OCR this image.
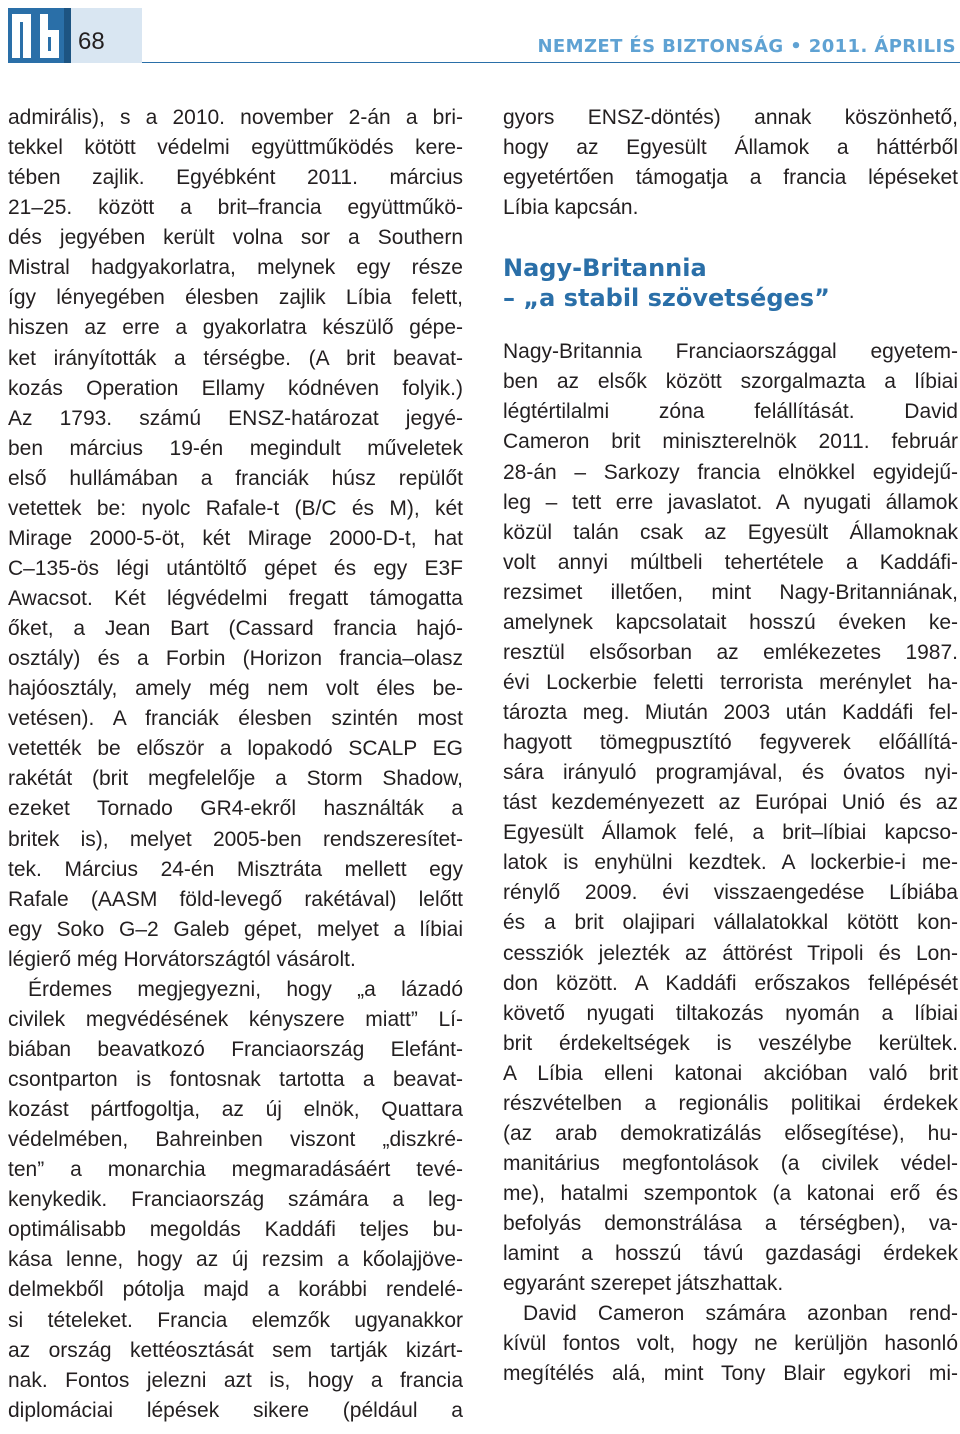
68	NEMZET ÉS BIZTONSÁG • 2011. ÁPRILIS
admirális), s a 2010. november 2-án a bri-
tekkel kötött védelmi együttműködés kere-
tében zajlik. Egyébként 2011. március
21–25. között a brit–francia együttműkö-
dés jegyében került volna sor a Southern
Mistral hadgyakorlatra, melynek egy része
így lényegében élesben zajlik Líbia felett,
hiszen az erre a gyakorlatra készülő gépe-
ket irányították a térségbe. (A brit beavat-
kozás Operation Ellamy kódnéven folyik.)
Az 1793. számú ENSZ-határozat jegyé-
ben március 19-én megindult műveletek
első hullámában a franciák húsz repülőt
vetettek be: nyolc Rafale-t (B/C és M), két
Mirage 2000-5-öt, két Mirage 2000-D-t, hat
C–135-ös légi utántöltő gépet és egy E3F
Awacsot. Két légvédelmi fregatt támogatta
őket, a Jean Bart (Cassard francia hajó-
osztály) és a Forbin (Horizon francia–olasz
hajóosztály, amely még nem volt éles be-
vetésen). A franciák élesben szintén most
vetették be először a lopakodó SCALP EG
rakétát (brit megfelelője a Storm Shadow,
ezeket Tornado GR4-ekről használták a
britek is), melyet 2005-ben rendszeresítet-
tek. Március 24-én Misztráta mellett egy
Rafale (AASM föld-levegő rakétával) lelőtt
egy Soko G–2 Galeb gépet, melyet a líbiai
légierő még Horvátországtól vásárolt.
Érdemes megjegyezni, hogy „a lázadó
civilek megvédésének kényszere miatt” Lí-
biában beavatkozó Franciaország Elefánt-
csontparton is fontosnak tartotta a beavat-
kozást pártfogoltja, az új elnök, Quattara
védelmében, Bahreinben viszont „diszkré-
ten” a monarchia megmaradásáért tevé-
kenykedik. Franciaország számára a leg-
optimálisabb megoldás Kaddáfi teljes bu-
kása lenne, hogy az új rezsim a kőolajjöve-
delmekből pótolja majd a korábbi rendelé-
si tételeket. Francia elemzők ugyanakkor
az ország kettéosztását sem tartják kizárt-
nak. Fontos jelezni azt is, hogy a francia
diplomáciai lépések sikere (például a
gyors ENSZ-döntés) annak köszönhető,
hogy az Egyesült Államok a háttérből
egyetértően támogatja a francia lépéseket
Líbia kapcsán.
Nagy-Britannia
– „a stabil szövetséges”
Nagy-Britannia Franciaországgal egyetem-
ben az elsők között szorgalmazta a líbiai
légtértilalmi zóna felállítását. David
Cameron brit miniszterelnök 2011. február
28-án – Sarkozy francia elnökkel egyidejű-
leg – tett erre javaslatot. A nyugati államok
közül talán csak az Egyesült Államoknak
volt annyi múltbeli tehertétele a Kaddáfi-
rezsimet illetően, mint Nagy-Britanniának,
amelynek kapcsolatait hosszú éveken ke-
resztül elsősorban az emlékezetes 1987.
évi Lockerbie feletti terrorista merénylet ha-
tározta meg. Miután 2003 után Kaddáfi fel-
hagyott tömegpusztító fegyverek előállítá-
sára irányuló programjával, és óvatos nyi-
tást kezdeményezett az Európai Unió és az
Egyesült Államok felé, a brit–líbiai kapcso-
latok is enyhülni kezdtek. A lockerbie-i me-
rénylő 2009. évi visszaengedése Líbiába
és a brit olajipari vállalatokkal kötött kon-
cessziók jelezték az áttörést Tripoli és Lon-
don között. A Kaddáfi erőszakos fellépését
követő nyugati tiltakozás nyomán a líbiai
brit érdekeltségek is veszélybe kerültek.
A Líbia elleni katonai akcióban való brit
részvételben a regionális politikai érdekek
(az arab demokratizálás elősegítése), hu-
manitárius megfontolások (a civilek védel-
me), hatalmi szempontok (a katonai erő és
befolyás demonstrálása a térségben), va-
lamint a hosszú távú gazdasági érdekek
egyaránt szerepet játszhattak.
David Cameron számára azonban rend-
kívül fontos volt, hogy ne kerüljön hasonló
megítélés alá, mint Tony Blair egykori mi-
